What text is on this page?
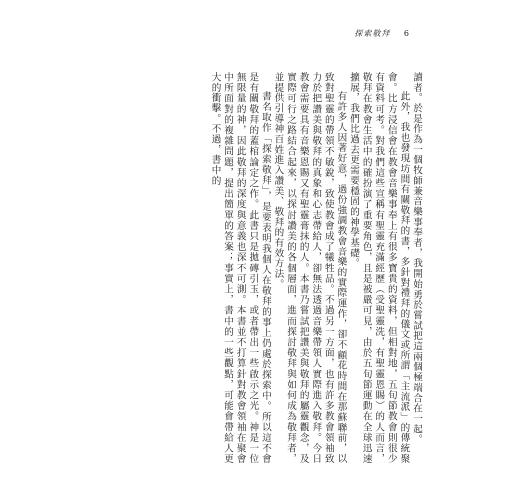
探索敬拜 6

讀者。於是作為一個牧師兼音樂事奉者，我開始勇於嘗試把這兩個極端合在一起。

此外，我也發現坊間有關敬拜的書，多針對禮拜的儀文或所謂「主流派」的傳統聚會。比方浸信會在教會音樂事奉上有很多寶貴的資料，但相對地，五旬節教會則很少有資料可考。對我們這些宣稱有聖靈充滿經歷（受聖靈洗，有聖靈恩賜）的人而言，敬拜在教會生活中的確扮演了重要角色，且是被嚴可見，由於五旬節運動在全球迅速擴展，我們比過去更需要穩固的神學基礎。

有許多人因著好意，過份強調教會音樂的實際運作，卻不顧花時間在那蘇聯前，以致對聖靈的帶領不敏銳，致使教會成了犧牲品。不過另一方面，也有許多教會領袖致力於把讚美與敬拜的真象和心志帶給人，卻無法透過音樂帶領人實際進入敬拜。今日教會需要具有音樂恩賜又有聖靈膏抹的人。本書乃嘗試把讚美與敬拜的屬靈觀念，及實際可行之路結合起來，以探討讚美的各個層面，進而探討敬拜與如何成為敬拜者，並提供引導神百姓進入讚美、敬拜的有效方法。

書名取作「探索敬拜」，是要表明我個人在敬拜的事上仍處於探索中。所以這不會是有關敬拜的蓋棺論定之作。此書只是拋磚引玉，或者帶出一些啟示之光。神是一位無限量的神，因此敬拜的深度與意義也深不可測。本書並不打算針對教會領袖在聚會中所面對的複雜問題，提出簡單的答案；事實上，書中的一些觀點，可能會帶給人更大的衝擊。不過，書中的
